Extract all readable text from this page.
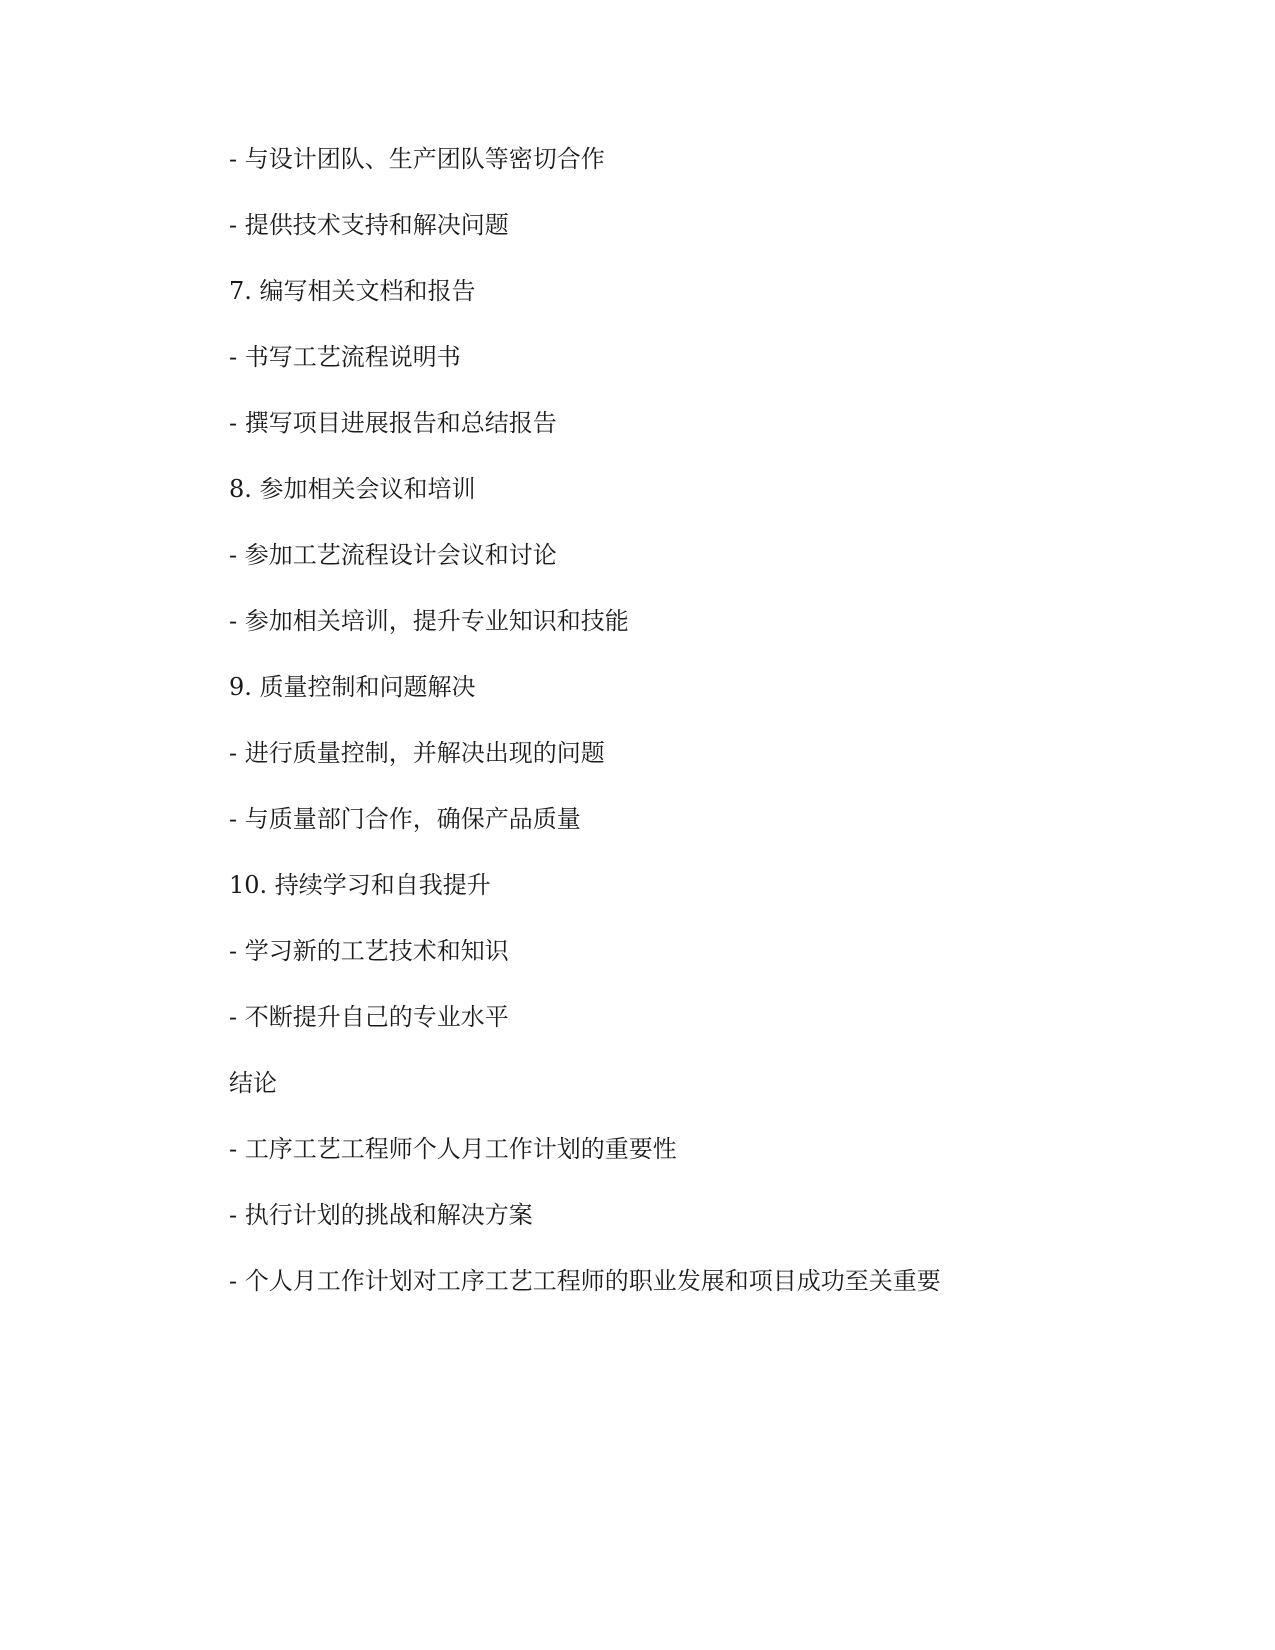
- 与设计团队、生产团队等密切合作
- 提供技术支持和解决问题
7. 编写相关文档和报告
- 书写工艺流程说明书
- 撰写项目进展报告和总结报告
8. 参加相关会议和培训
- 参加工艺流程设计会议和讨论
- 参加相关培训，提升专业知识和技能
9. 质量控制和问题解决
- 进行质量控制，并解决出现的问题
- 与质量部门合作，确保产品质量
10. 持续学习和自我提升
- 学习新的工艺技术和知识
- 不断提升自己的专业水平
结论
- 工序工艺工程师个人月工作计划的重要性
- 执行计划的挑战和解决方案
- 个人月工作计划对工序工艺工程师的职业发展和项目成功至关重要
